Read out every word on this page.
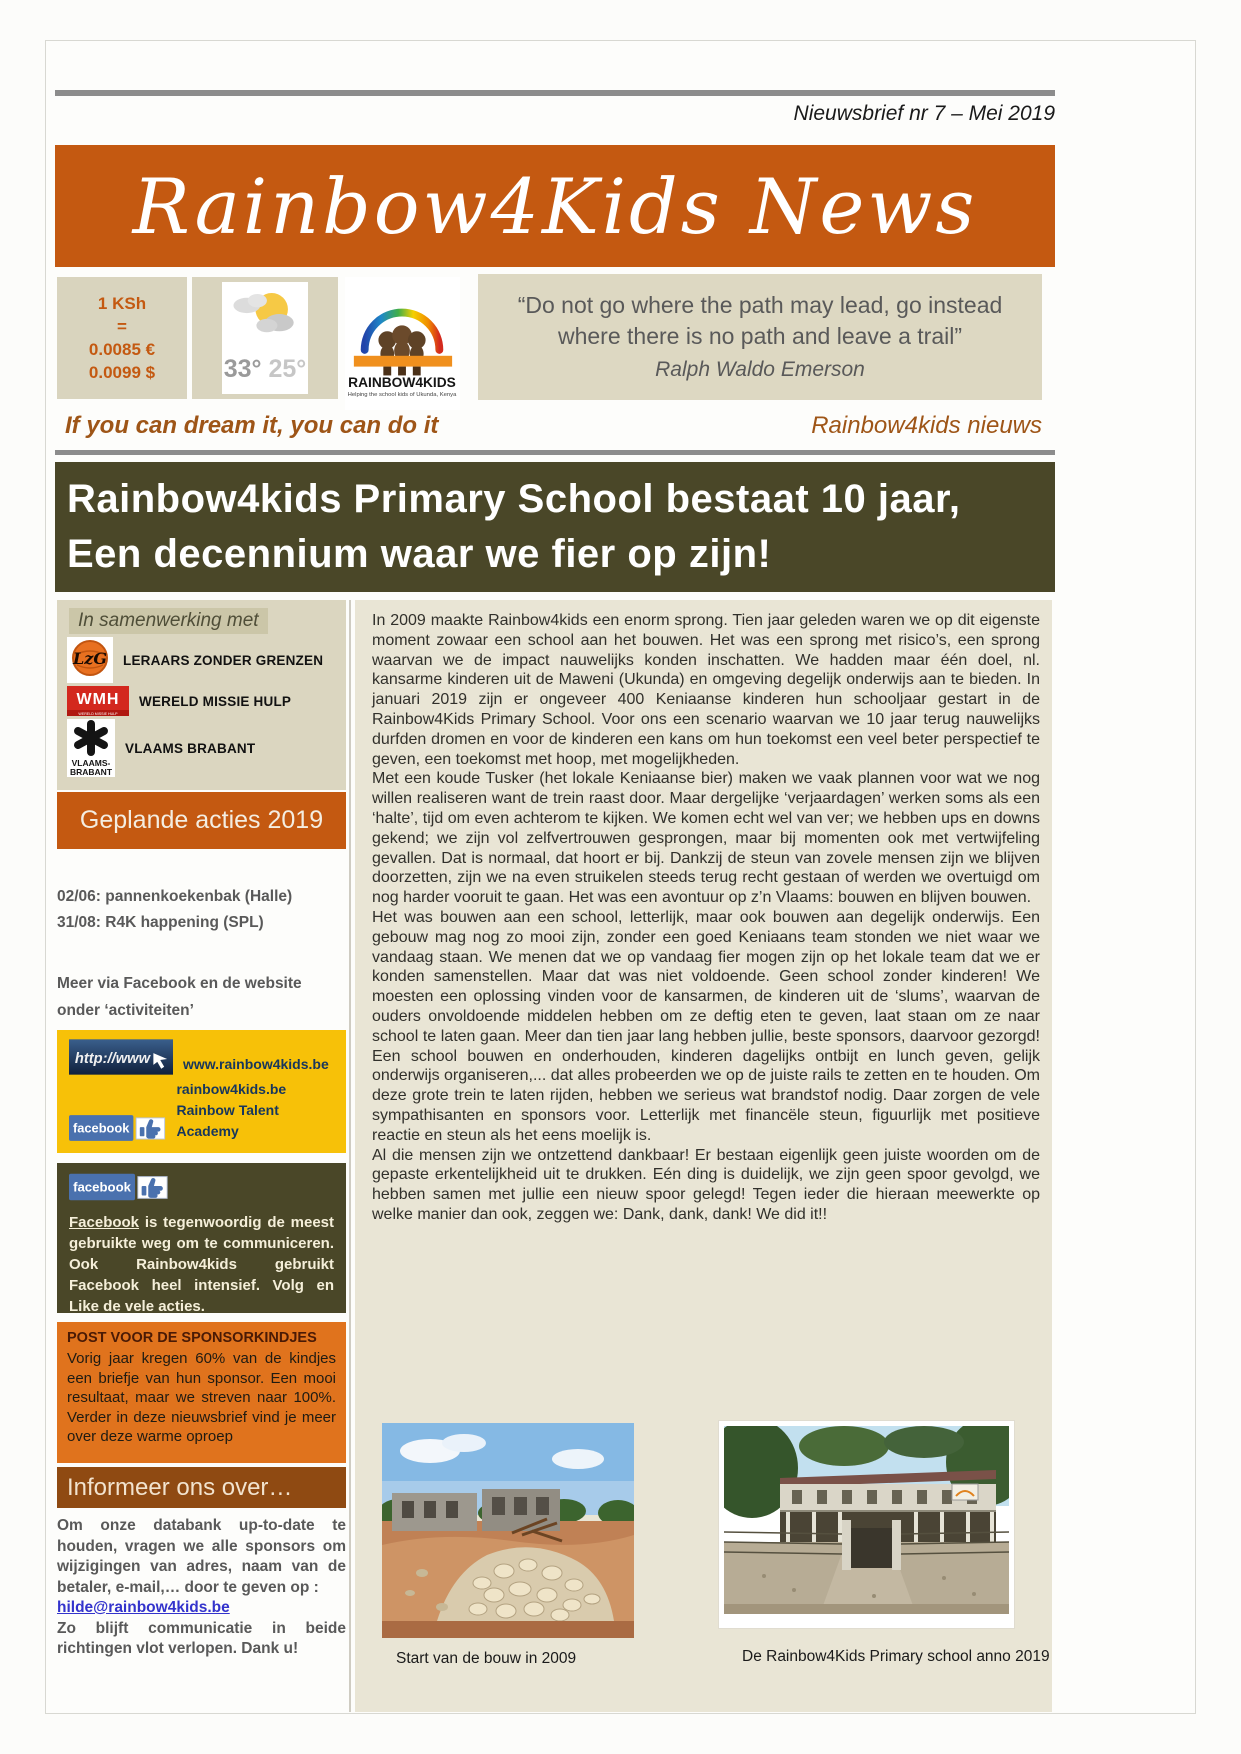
Nieuwsbrief nr 7 – Mei 2019
Rainbow4Kids News
1 KSh
=
0.0085 €
0.0099 $	33° 25°	RAINBOW4KIDS
Helping the school kids of Ukunda, Kenya
“Do not go where the path may lead, go instead
where there is no path and leave a trail”
Ralph Waldo Emerson
If you can dream it, you can do it	Rainbow4kids nieuws
Rainbow4kids Primary School bestaat 10 jaar,
Een decennium waar we fier op zijn!
In samenwerking met
LzG LERAARS ZONDER GRENZEN
WMH
WERELD MISSIE HULP
WERELD MISSIE HULP
VLAAMS-
BRABANT
VLAAMS BRABANT
Geplande acties 2019
02/06: pannenkoekenbak (Halle)
31/08: R4K happening (SPL)
Meer via Facebook en de website
onder ‘activiteiten’
http://www www.rainbow4kids.be
facebook
rainbow4kids.be
Rainbow Talent Academy
facebook
Facebook is tegenwoordig de meest gebruikte weg om te communiceren. Ook Rainbow4kids gebruikt Facebook heel intensief. Volg en Like de vele acties.
POST VOOR DE SPONSORKINDJES
Vorig jaar kregen 60% van de kindjes een briefje van hun sponsor. Een mooi resultaat, maar we streven naar 100%. Verder in deze nieuwsbrief vind je meer over deze warme oproep
Informeer ons over…
Om onze databank up-to-date te houden, vragen we alle sponsors om wijzigingen van adres, naam van de betaler, e-mail,… door te geven op :
hilde@rainbow4kids.be
Zo blijft communicatie in beide richtingen vlot verlopen. Dank u!

In 2009 maakte Rainbow4kids een enorm sprong. Tien jaar geleden waren we op dit eigenste moment zowaar een school aan het bouwen. Het was een sprong met risico’s, een sprong waarvan we de impact nauwelijks konden inschatten. We hadden maar één doel, nl. kansarme kinderen uit de Maweni (Ukunda) en omgeving degelijk onderwijs aan te bieden. In januari 2019 zijn er ongeveer 400 Keniaanse kinderen hun schooljaar gestart in de Rainbow4Kids Primary School. Voor ons een scenario waarvan we 10 jaar terug nauwelijks durfden dromen en voor de kinderen een kans om hun toekomst een veel beter perspectief te geven, een toekomst met hoop, met mogelijkheden.

Met een koude Tusker (het lokale Keniaanse bier) maken we vaak plannen voor wat we nog willen realiseren want de trein raast door. Maar dergelijke ‘verjaardagen’ werken soms als een ‘halte’, tijd om even achterom te kijken. We komen echt wel van ver; we hebben ups en downs gekend; we zijn vol zelfvertrouwen gesprongen, maar bij momenten ook met vertwijfeling gevallen. Dat is normaal, dat hoort er bij. Dankzij de steun van zovele mensen zijn we blijven doorzetten, zijn we na even struikelen steeds terug recht gestaan of werden we overtuigd om nog harder vooruit te gaan. Het was een avontuur op z’n Vlaams: bouwen en blijven bouwen.

Het was bouwen aan een school, letterlijk, maar ook bouwen aan degelijk onderwijs. Een gebouw mag nog zo mooi zijn, zonder een goed Keniaans team stonden we niet waar we vandaag staan. We menen dat we op vandaag fier mogen zijn op het lokale team dat we er konden samenstellen. Maar dat was niet voldoende. Geen school zonder kinderen! We moesten een oplossing vinden voor de kansarmen, de kinderen uit de ‘slums’, waarvan de ouders onvoldoende middelen hebben om ze deftig eten te geven, laat staan om ze naar school te laten gaan. Meer dan tien jaar lang hebben jullie, beste sponsors, daarvoor gezorgd! Een school bouwen en onderhouden, kinderen dagelijks ontbijt en lunch geven, gelijk onderwijs organiseren,... dat alles probeerden we op de juiste rails te zetten en te houden. Om deze grote trein te laten rijden, hebben we serieus wat brandstof nodig. Daar zorgen de vele sympathisanten en sponsors voor. Letterlijk met financële steun, figuurlijk met positieve reactie en steun als het eens moelijk is.

Al die mensen zijn we ontzettend dankbaar! Er bestaan eigenlijk geen juiste woorden om de gepaste erkentelijkheid uit te drukken. Eén ding is duidelijk, we zijn geen spoor gevolgd, we hebben samen met jullie een nieuw spoor gelegd! Tegen ieder die hieraan meewerkte op welke manier dan ook, zeggen we: Dank, dank, dank! We did it!!

Start van de bouw in 2009	De Rainbow4Kids Primary school anno 2019
